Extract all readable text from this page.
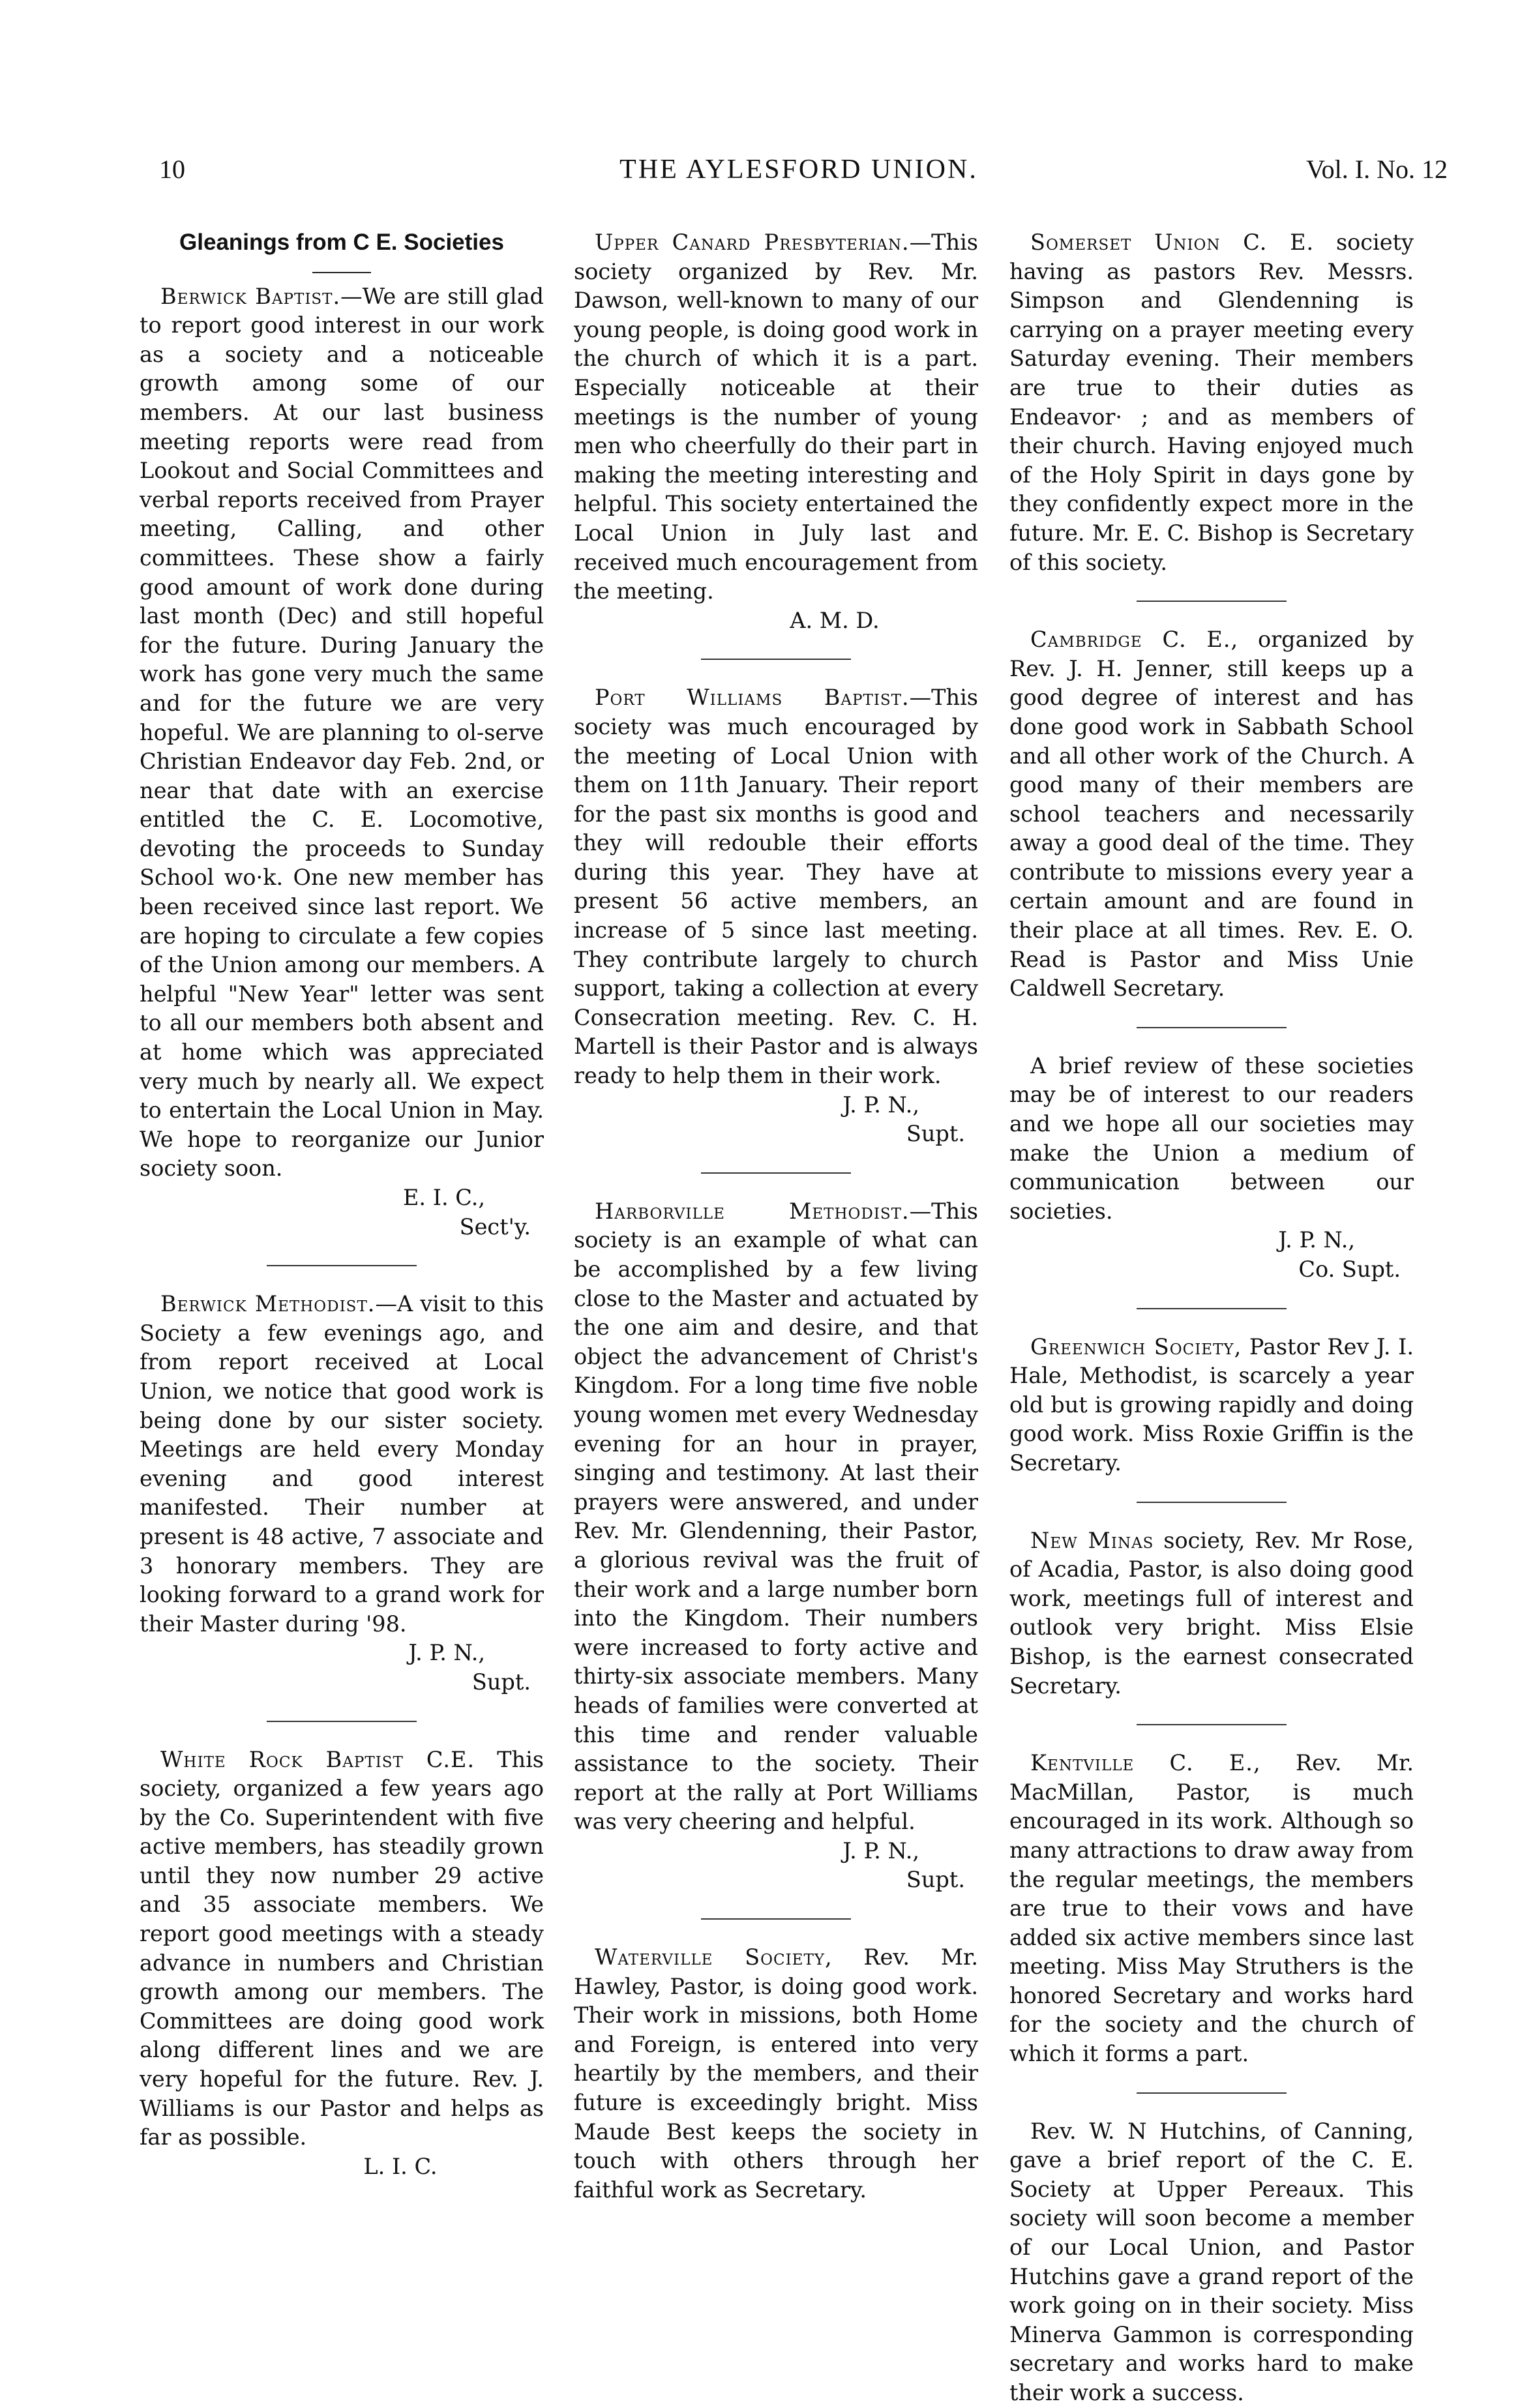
10	THE AYLESFORD UNION.	Vol. I. No. 12
Gleanings from C E. Societies

Berwick Baptist.—We are still glad to report good interest in our work as a society and a noticeable growth among some of our members. At our last business meeting reports were read from Lookout and Social Committees and verbal reports received from Prayer meeting, Calling, and other committees. These show a fairly good amount of work done during last month (Dec) and still hopeful for the future. During January the work has gone very much the same and for the future we are very hopeful. We are planning to ol-serve Christian Endeavor day Feb. 2nd, or near that date with an exercise entitled the C. E. Locomotive, devoting the proceeds to Sunday School wo·k. One new member has been received since last report. We are hoping to circulate a few copies of the Union among our members. A helpful "New Year" letter was sent to all our members both absent and at home which was appreciated very much by nearly all. We expect to entertain the Local Union in May. We hope to reorganize our Junior society soon.

E. I. C.,
Sect'y.

Berwick Methodist.—A visit to this Society a few evenings ago, and from report received at Local Union, we notice that good work is being done by our sister society. Meetings are held every Monday evening and good interest manifested. Their number at present is 48 active, 7 associate and 3 honorary members. They are looking forward to a grand work for their Master during '98.

J. P. N.,
Supt.

White Rock Baptist C.E. This society, organized a few years ago by the Co. Superintendent with five active members, has steadily grown until they now number 29 active and 35 associate members. We report good meetings with a steady advance in numbers and Christian growth among our members. The Committees are doing good work along different lines and we are very hopeful for the future. Rev. J. Williams is our Pastor and helps as far as possible.

L. I. C.

Upper Canard Presbyterian.—This society organized by Rev. Mr. Dawson, well-known to many of our young people, is doing good work in the church of which it is a part. Especially noticeable at their meetings is the number of young men who cheerfully do their part in making the meeting interesting and helpful. This society entertained the Local Union in July last and received much encouragement from the meeting.

A. M. D.

Port Williams Baptist.—This society was much encouraged by the meeting of Local Union with them on 11th January. Their report for the past six months is good and they will redouble their efforts during this year. They have at present 56 active members, an increase of 5 since last meeting. They contribute largely to church support, taking a collection at every Consecration meeting. Rev. C. H. Martell is their Pastor and is always ready to help them in their work.

J. P. N.,
Supt.

Harborville Methodist.—This society is an example of what can be accomplished by a few living close to the Master and actuated by the one aim and desire, and that object the advancement of Christ's Kingdom. For a long time five noble young women met every Wednesday evening for an hour in prayer, singing and testimony. At last their prayers were answered, and under Rev. Mr. Glendenning, their Pastor, a glorious revival was the fruit of their work and a large number born into the Kingdom. Their numbers were increased to forty active and thirty-six associate members. Many heads of families were converted at this time and render valuable assistance to the society. Their report at the rally at Port Williams was very cheering and helpful.

J. P. N.,
Supt.

Waterville Society, Rev. Mr. Hawley, Pastor, is doing good work. Their work in missions, both Home and Foreign, is entered into very heartily by the members, and their future is exceedingly bright. Miss Maude Best keeps the society in touch with others through her faithful work as Secretary.

Somerset Union C. E. society having as pastors Rev. Messrs. Simpson and Glendenning is carrying on a prayer meeting every Saturday evening. Their members are true to their duties as Endeavor· ; and as members of their church. Having enjoyed much of the Holy Spirit in days gone by they confidently expect more in the future. Mr. E. C. Bishop is Secretary of this society.

Cambridge C. E., organized by Rev. J. H. Jenner, still keeps up a good degree of interest and has done good work in Sabbath School and all other work of the Church. A good many of their members are school teachers and necessarily away a good deal of the time. They contribute to missions every year a certain amount and are found in their place at all times. Rev. E. O. Read is Pastor and Miss Unie Caldwell Secretary.

A brief review of these societies may be of interest to our readers and we hope all our societies may make the Union a medium of communication between our societies.

J. P. N.,
Co. Supt.

Greenwich Society, Pastor Rev J. I. Hale, Methodist, is scarcely a year old but is growing rapidly and doing good work. Miss Roxie Griffin is the Secretary.

New Minas society, Rev. Mr Rose, of Acadia, Pastor, is also doing good work, meetings full of interest and outlook very bright. Miss Elsie Bishop, is the earnest consecrated Secretary.

Kentville C. E., Rev. Mr. MacMillan, Pastor, is much encouraged in its work. Although so many attractions to draw away from the regular meetings, the members are true to their vows and have added six active members since last meeting. Miss May Struthers is the honored Secretary and works hard for the society and the church of which it forms a part.

Rev. W. N Hutchins, of Canning, gave a brief report of the C. E. Society at Upper Pereaux. This society will soon become a member of our Local Union, and Pastor Hutchins gave a grand report of the work going on in their society. Miss Minerva Gammon is corresponding secretary and works hard to make their work a success.
